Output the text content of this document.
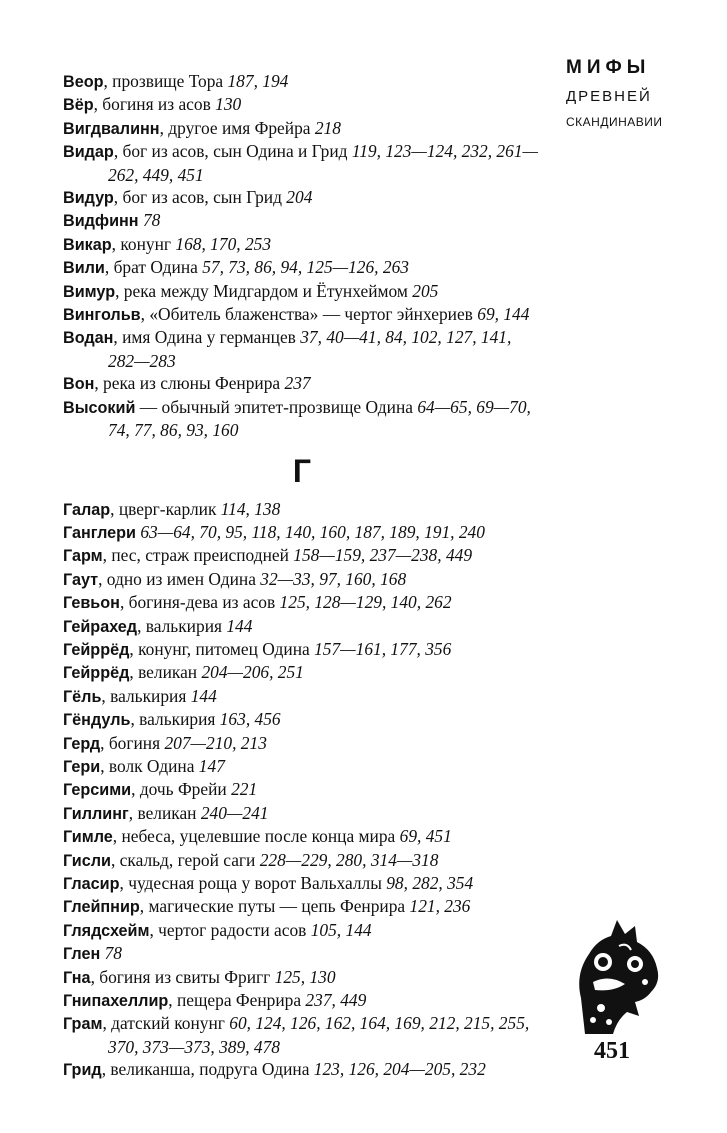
МИФЫ
ДРЕВНЕЙ
СКАНДИНАВИИ

Веор, прозвище Тора 187, 194

Вёр, богиня из асов 130

Вигдвалинн, другое имя Фрейра 218

Видар, бог из асов, сын Одина и Грид 119, 123—124, 232, 261—262, 449, 451

Видур, бог из асов, сын Грид 204

Видфинн 78

Викар, конунг 168, 170, 253

Вили, брат Одина 57, 73, 86, 94, 125—126, 263

Вимур, река между Мидгардом и Ётунхеймом 205

Вингольв, «Обитель блаженства» — чертог эйнхериев 69, 144

Водан, имя Одина у германцев 37, 40—41, 84, 102, 127, 141, 282—283

Вон, река из слюны Фенрира 237

Высокий — обычный эпитет-прозвище Одина 64—65, 69—70, 74, 77, 86, 93, 160

Г

Галар, цверг-карлик 114, 138

Ганглери 63—64, 70, 95, 118, 140, 160, 187, 189, 191, 240

Гарм, пес, страж преисподней 158—159, 237—238, 449

Гаут, одно из имен Одина 32—33, 97, 160, 168

Гевьон, богиня-дева из асов 125, 128—129, 140, 262

Гейрахед, валькирия 144

Гейррёд, конунг, питомец Одина 157—161, 177, 356

Гейррёд, великан 204—206, 251

Гёль, валькирия 144

Гёндуль, валькирия 163, 456

Герд, богиня 207—210, 213

Гери, волк Одина 147

Герсими, дочь Фрейи 221

Гиллинг, великан 240—241

Гимле, небеса, уцелевшие после конца мира 69, 451

Гисли, скальд, герой саги 228—229, 280, 314—318

Гласир, чудесная роща у ворот Вальхаллы 98, 282, 354

Глейпнир, магические путы — цепь Фенрира 121, 236

Глядсхейм, чертог радости асов 105, 144

Глен 78

Гна, богиня из свиты Фригг 125, 130

Гнипахеллир, пещера Фенрира 237, 449

Грам, датский конунг 60, 124, 126, 162, 164, 169, 212, 215, 255, 370, 373—373, 389, 478

Грид, великанша, подруга Одина 123, 126, 204—205, 232

451
